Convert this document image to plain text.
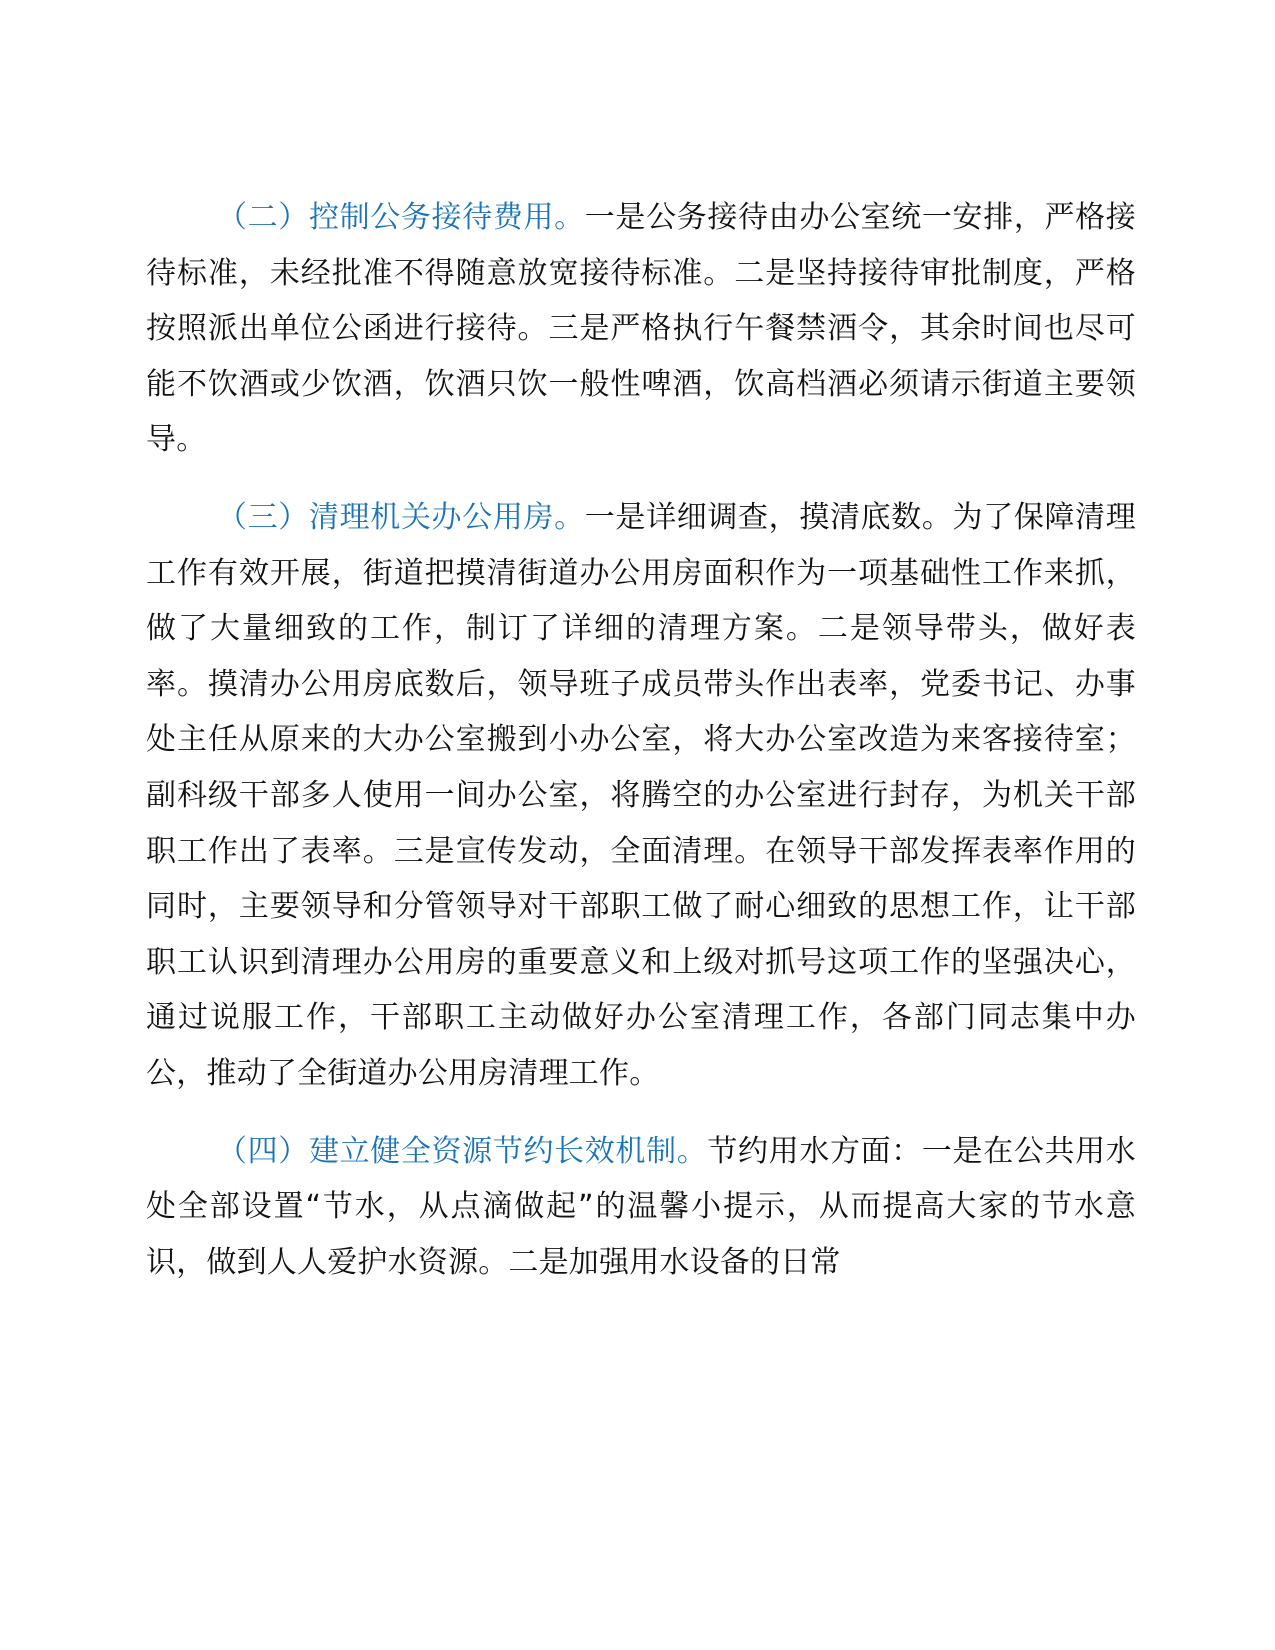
（二）控制公务接待费用。一是公务接待由办公室统一安排，严格接待标准，未经批准不得随意放宽接待标准。二是坚持接待审批制度，严格按照派出单位公函进行接待。三是严格执行午餐禁酒令，其余时间也尽可能不饮酒或少饮酒，饮酒只饮一般性啤酒，饮高档酒必须请示街道主要领导。

（三）清理机关办公用房。一是详细调查，摸清底数。为了保障清理工作有效开展，街道把摸清街道办公用房面积作为一项基础性工作来抓，做了大量细致的工作，制订了详细的清理方案。二是领导带头，做好表率。摸清办公用房底数后，领导班子成员带头作出表率，党委书记、办事处主任从原来的大办公室搬到小办公室，将大办公室改造为来客接待室；副科级干部多人使用一间办公室，将腾空的办公室进行封存，为机关干部职工作出了表率。三是宣传发动，全面清理。在领导干部发挥表率作用的同时，主要领导和分管领导对干部职工做了耐心细致的思想工作，让干部职工认识到清理办公用房的重要意义和上级对抓号这项工作的坚强决心，通过说服工作，干部职工主动做好办公室清理工作，各部门同志集中办公，推动了全街道办公用房清理工作。

（四）建立健全资源节约长效机制。节约用水方面：一是在公共用水处全部设置“节水，从点滴做起”的温馨小提示，从而提高大家的节水意识，做到人人爱护水资源。二是加强用水设备的日常
